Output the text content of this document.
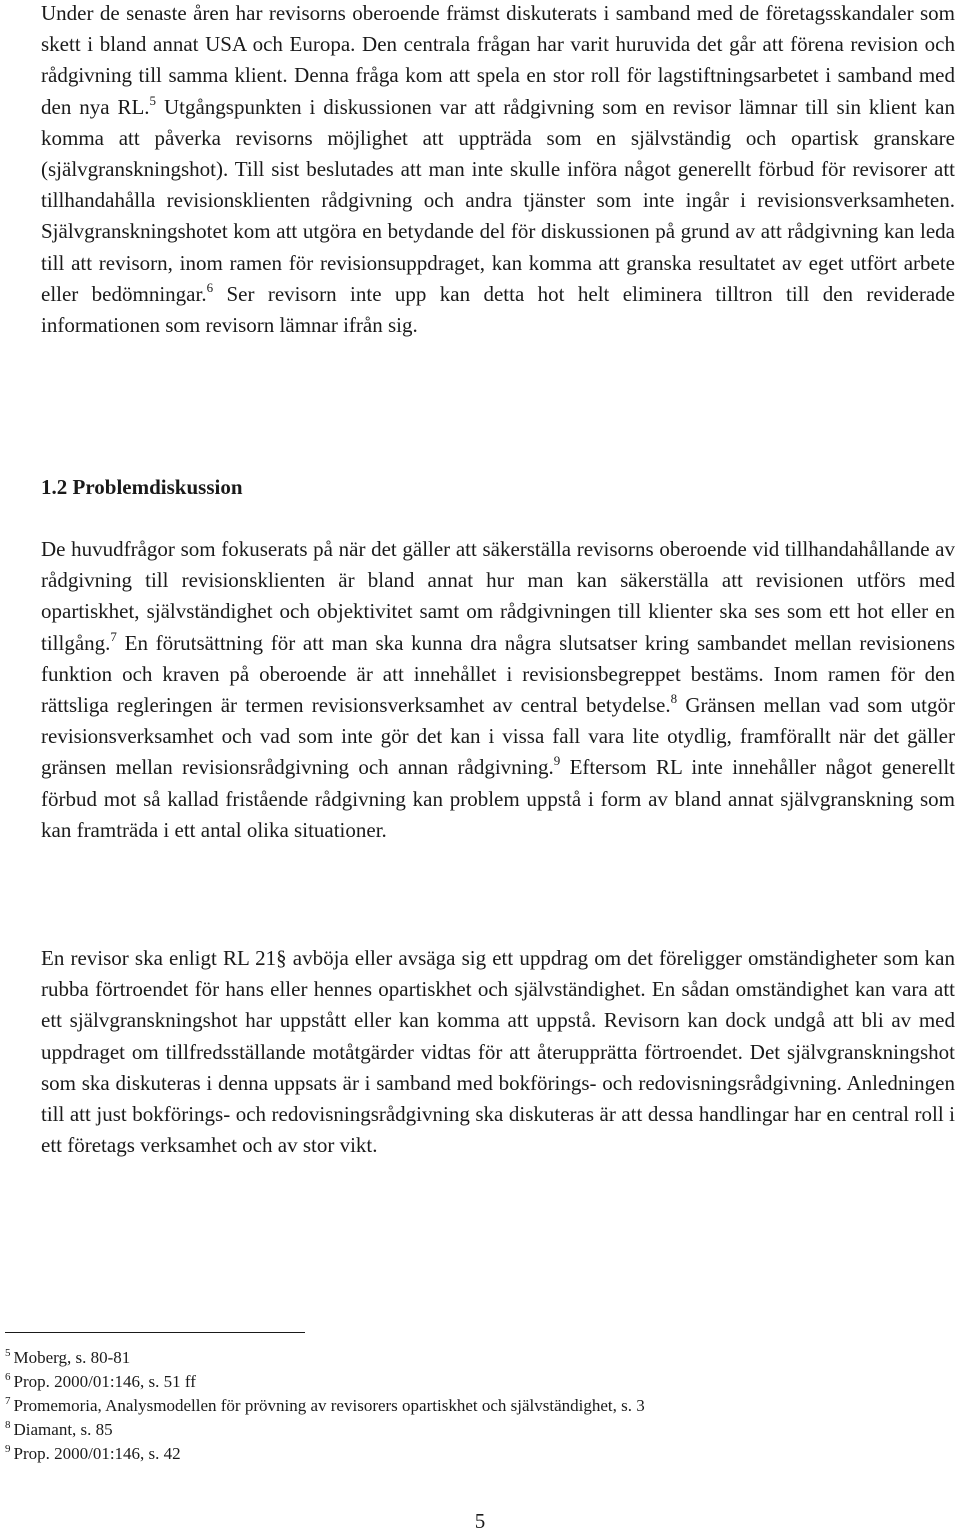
Under de senaste åren har revisorns oberoende främst diskuterats i samband med de företagsskandaler som skett i bland annat USA och Europa. Den centrala frågan har varit huruvida det går att förena revision och rådgivning till samma klient. Denna fråga kom att spela en stor roll för lagstiftningsarbetet i samband med den nya RL.$^5$ Utgångspunkten i diskussionen var att rådgivning som en revisor lämnar till sin klient kan komma att påverka revisorns möjlighet att uppträda som en självständig och opartisk granskare (självgranskningshot). Till sist beslutades att man inte skulle införa något generellt förbud för revisorer att tillhandahålla revisionsklienten rådgivning och andra tjänster som inte ingår i revisionsverksamheten. Självgranskningshotet kom att utgöra en betydande del för diskussionen på grund av att rådgivning kan leda till att revisorn, inom ramen för revisionsuppdraget, kan komma att granska resultatet av eget utfört arbete eller bedömningar.$^6$ Ser revisorn inte upp kan detta hot helt eliminera tilltron till den reviderade informationen som revisorn lämnar ifrån sig.

1.2 Problemdiskussion

De huvudfrågor som fokuserats på när det gäller att säkerställa revisorns oberoende vid tillhandahållande av rådgivning till revisionsklienten är bland annat hur man kan säkerställa att revisionen utförs med opartiskhet, självständighet och objektivitet samt om rådgivningen till klienter ska ses som ett hot eller en tillgång.$^7$ En förutsättning för att man ska kunna dra några slutsatser kring sambandet mellan revisionens funktion och kraven på oberoende är att innehållet i revisionsbegreppet bestäms. Inom ramen för den rättsliga regleringen är termen revisionsverksamhet av central betydelse.$^8$ Gränsen mellan vad som utgör revisionsverksamhet och vad som inte gör det kan i vissa fall vara lite otydlig, framförallt när det gäller gränsen mellan revisionsrådgivning och annan rådgivning.$^9$ Eftersom RL inte innehåller något generellt förbud mot så kallad fristående rådgivning kan problem uppstå i form av bland annat självgranskning som kan framträda i ett antal olika situationer.

En revisor ska enligt RL 21§ avböja eller avsäga sig ett uppdrag om det föreligger omständigheter som kan rubba förtroendet för hans eller hennes opartiskhet och självständighet. En sådan omständighet kan vara att ett självgranskningshot har uppstått eller kan komma att uppstå. Revisorn kan dock undgå att bli av med uppdraget om tillfredsställande motåtgärder vidtas för att återupprätta förtroendet. Det självgranskningshot som ska diskuteras i denna uppsats är i samband med bokförings- och redovisningsrådgivning. Anledningen till att just bokförings- och redovisningsrådgivning ska diskuteras är att dessa handlingar har en central roll i ett företags verksamhet och av stor vikt.

$^5$ Moberg, s. 80-81
$^6$ Prop. 2000/01:146, s. 51 ff
$^7$ Promemoria, Analysmodellen för prövning av revisorers opartiskhet och självständighet, s. 3
$^8$ Diamant, s. 85
$^9$ Prop. 2000/01:146, s. 42
5
